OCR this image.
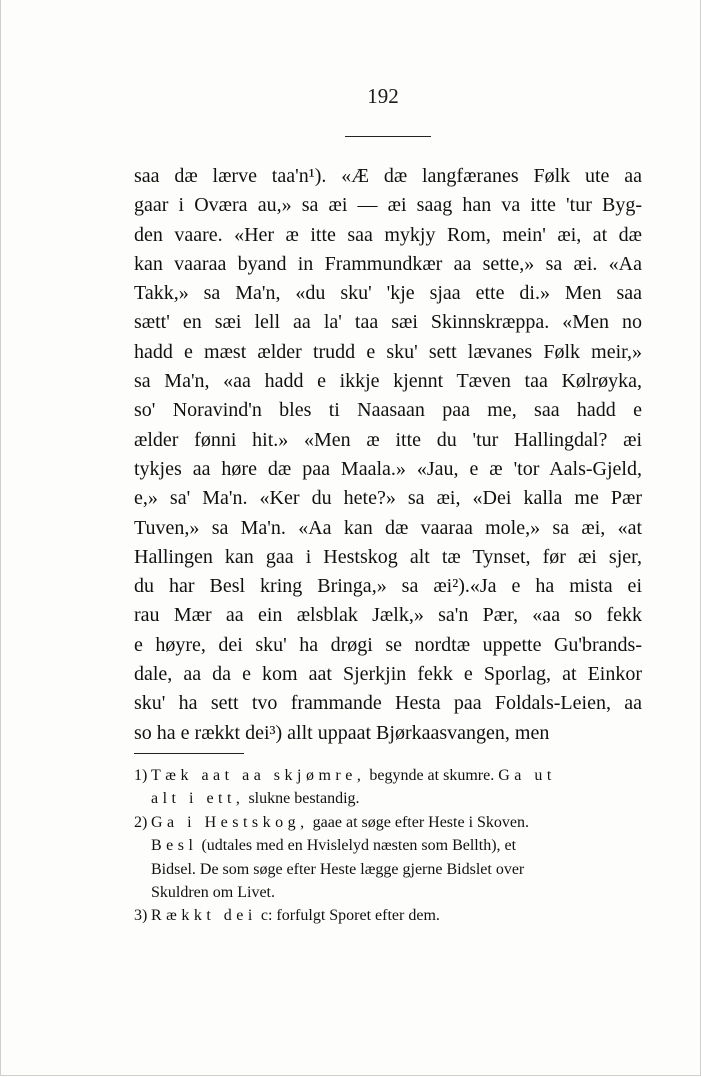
192
saa dæ lærve taa'n¹). «Æ dæ langfæranes Følk ute aa
gaar i Oværa au,» sa æi — æi saag han va itte 'tur Byg-
den vaare. «Her æ itte saa mykjy Rom, mein' æi, at dæ
kan vaaraa byand in Frammundkær aa sette,» sa æi. «Aa
Takk,» sa Ma'n, «du sku' 'kje sjaa ette di.» Men saa
sætt' en sæi lell aa la' taa sæi Skinnskræppa. «Men no
hadd e mæst ælder trudd e sku' sett lævanes Følk meir,»
sa Ma'n, «aa hadd e ikkje kjennt Tæven taa Kølrøyka,
so' Noravind'n bles ti Naasaan paa me, saa hadd e
ælder fønni hit.» «Men æ itte du 'tur Hallingdal? æi
tykjes aa høre dæ paa Maala.» «Jau, e æ 'tor Aals-Gjeld,
e,» sa' Ma'n. «Ker du hete?» sa æi, «Dei kalla me Pær
Tuven,» sa Ma'n. «Aa kan dæ vaaraa mole,» sa æi, «at
Hallingen kan gaa i Hestskog alt tæ Tynset, før æi sjer,
du har Besl kring Bringa,» sa æi²).«Ja e ha mista ei
rau Mær aa ein ælsblak Jælk,» sa'n Pær, «aa so fekk
e høyre, dei sku' ha drøgi se nordtæ uppette Gu'brands-
dale, aa da e kom aat Sjerkjin fekk e Sporlag, at Einkor
sku' ha sett tvo frammande Hesta paa Foldals-Leien, aa
so ha e rækkt dei³) allt uppaat Bjørkaasvangen, men
1) Tæk aat aa skjømre, begynde at skumre. Ga ut
alt i ett, slukne bestandig.
2) Ga i Hestskog, gaae at søge efter Heste i Skoven.
Besl (udtales med en Hvislelyd næsten som Bellth), et
Bidsel. De som søge efter Heste lægge gjerne Bidslet over
Skuldren om Livet.
3) Rækkt dei c: forfulgt Sporet efter dem.
